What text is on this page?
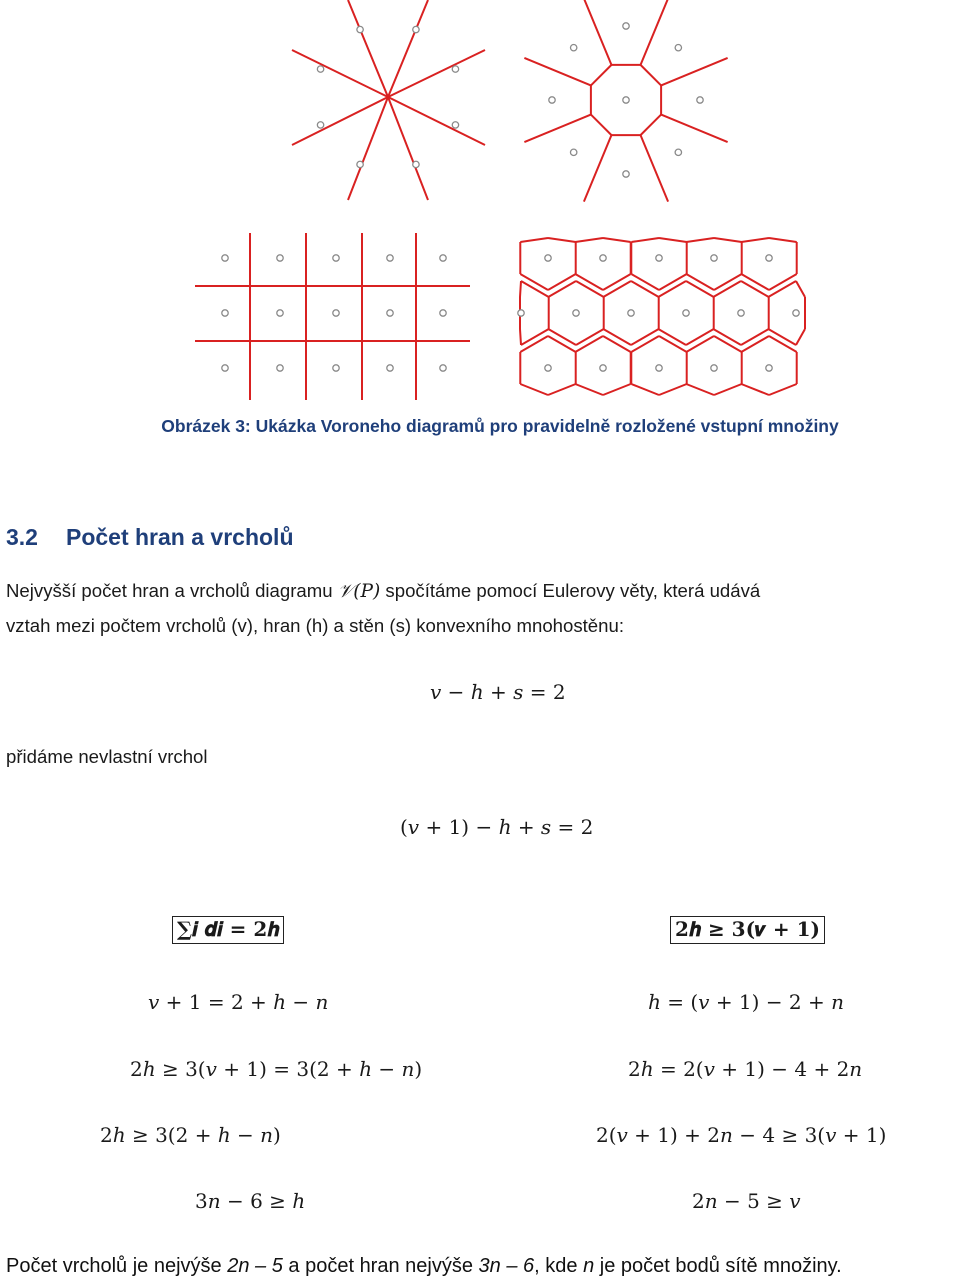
Obrázek 3: Ukázka Voroneho diagramů pro pravidelně rozložené vstupní množiny
3.2 Počet hran a vrcholů
Nejvyšší počet hran a vrcholů diagramu 𝒱(𝑃) spočítáme pomocí Eulerovy věty, která udává
vztah mezi počtem vrcholů (v), hran (h) a stěn (s) konvexního mnohostěnu:
𝑣 − ℎ + 𝑠 = 2
přidáme nevlastní vrchol
(𝑣 + 1) − ℎ + 𝑠 = 2
∑𝒊 𝒅𝒊 = 𝟐𝒉
𝑣 + 1 = 2 + ℎ − 𝑛
2ℎ ≥ 3(𝑣 + 1) = 3(2 + ℎ − 𝑛)
2ℎ ≥ 3(2 + ℎ − 𝑛)
3𝑛 − 6 ≥ ℎ
𝟐𝒉 ≥ 𝟑(𝒗 + 𝟏)
ℎ = (𝑣 + 1) − 2 + 𝑛
2ℎ = 2(𝑣 + 1) − 4 + 2𝑛
2(𝑣 + 1) + 2𝑛 − 4 ≥ 3(𝑣 + 1)
2𝑛 − 5 ≥ 𝑣
Počet vrcholů je nejvýše 2n – 5 a počet hran nejvýše 3n – 6, kde n je počet bodů sítě množiny.
